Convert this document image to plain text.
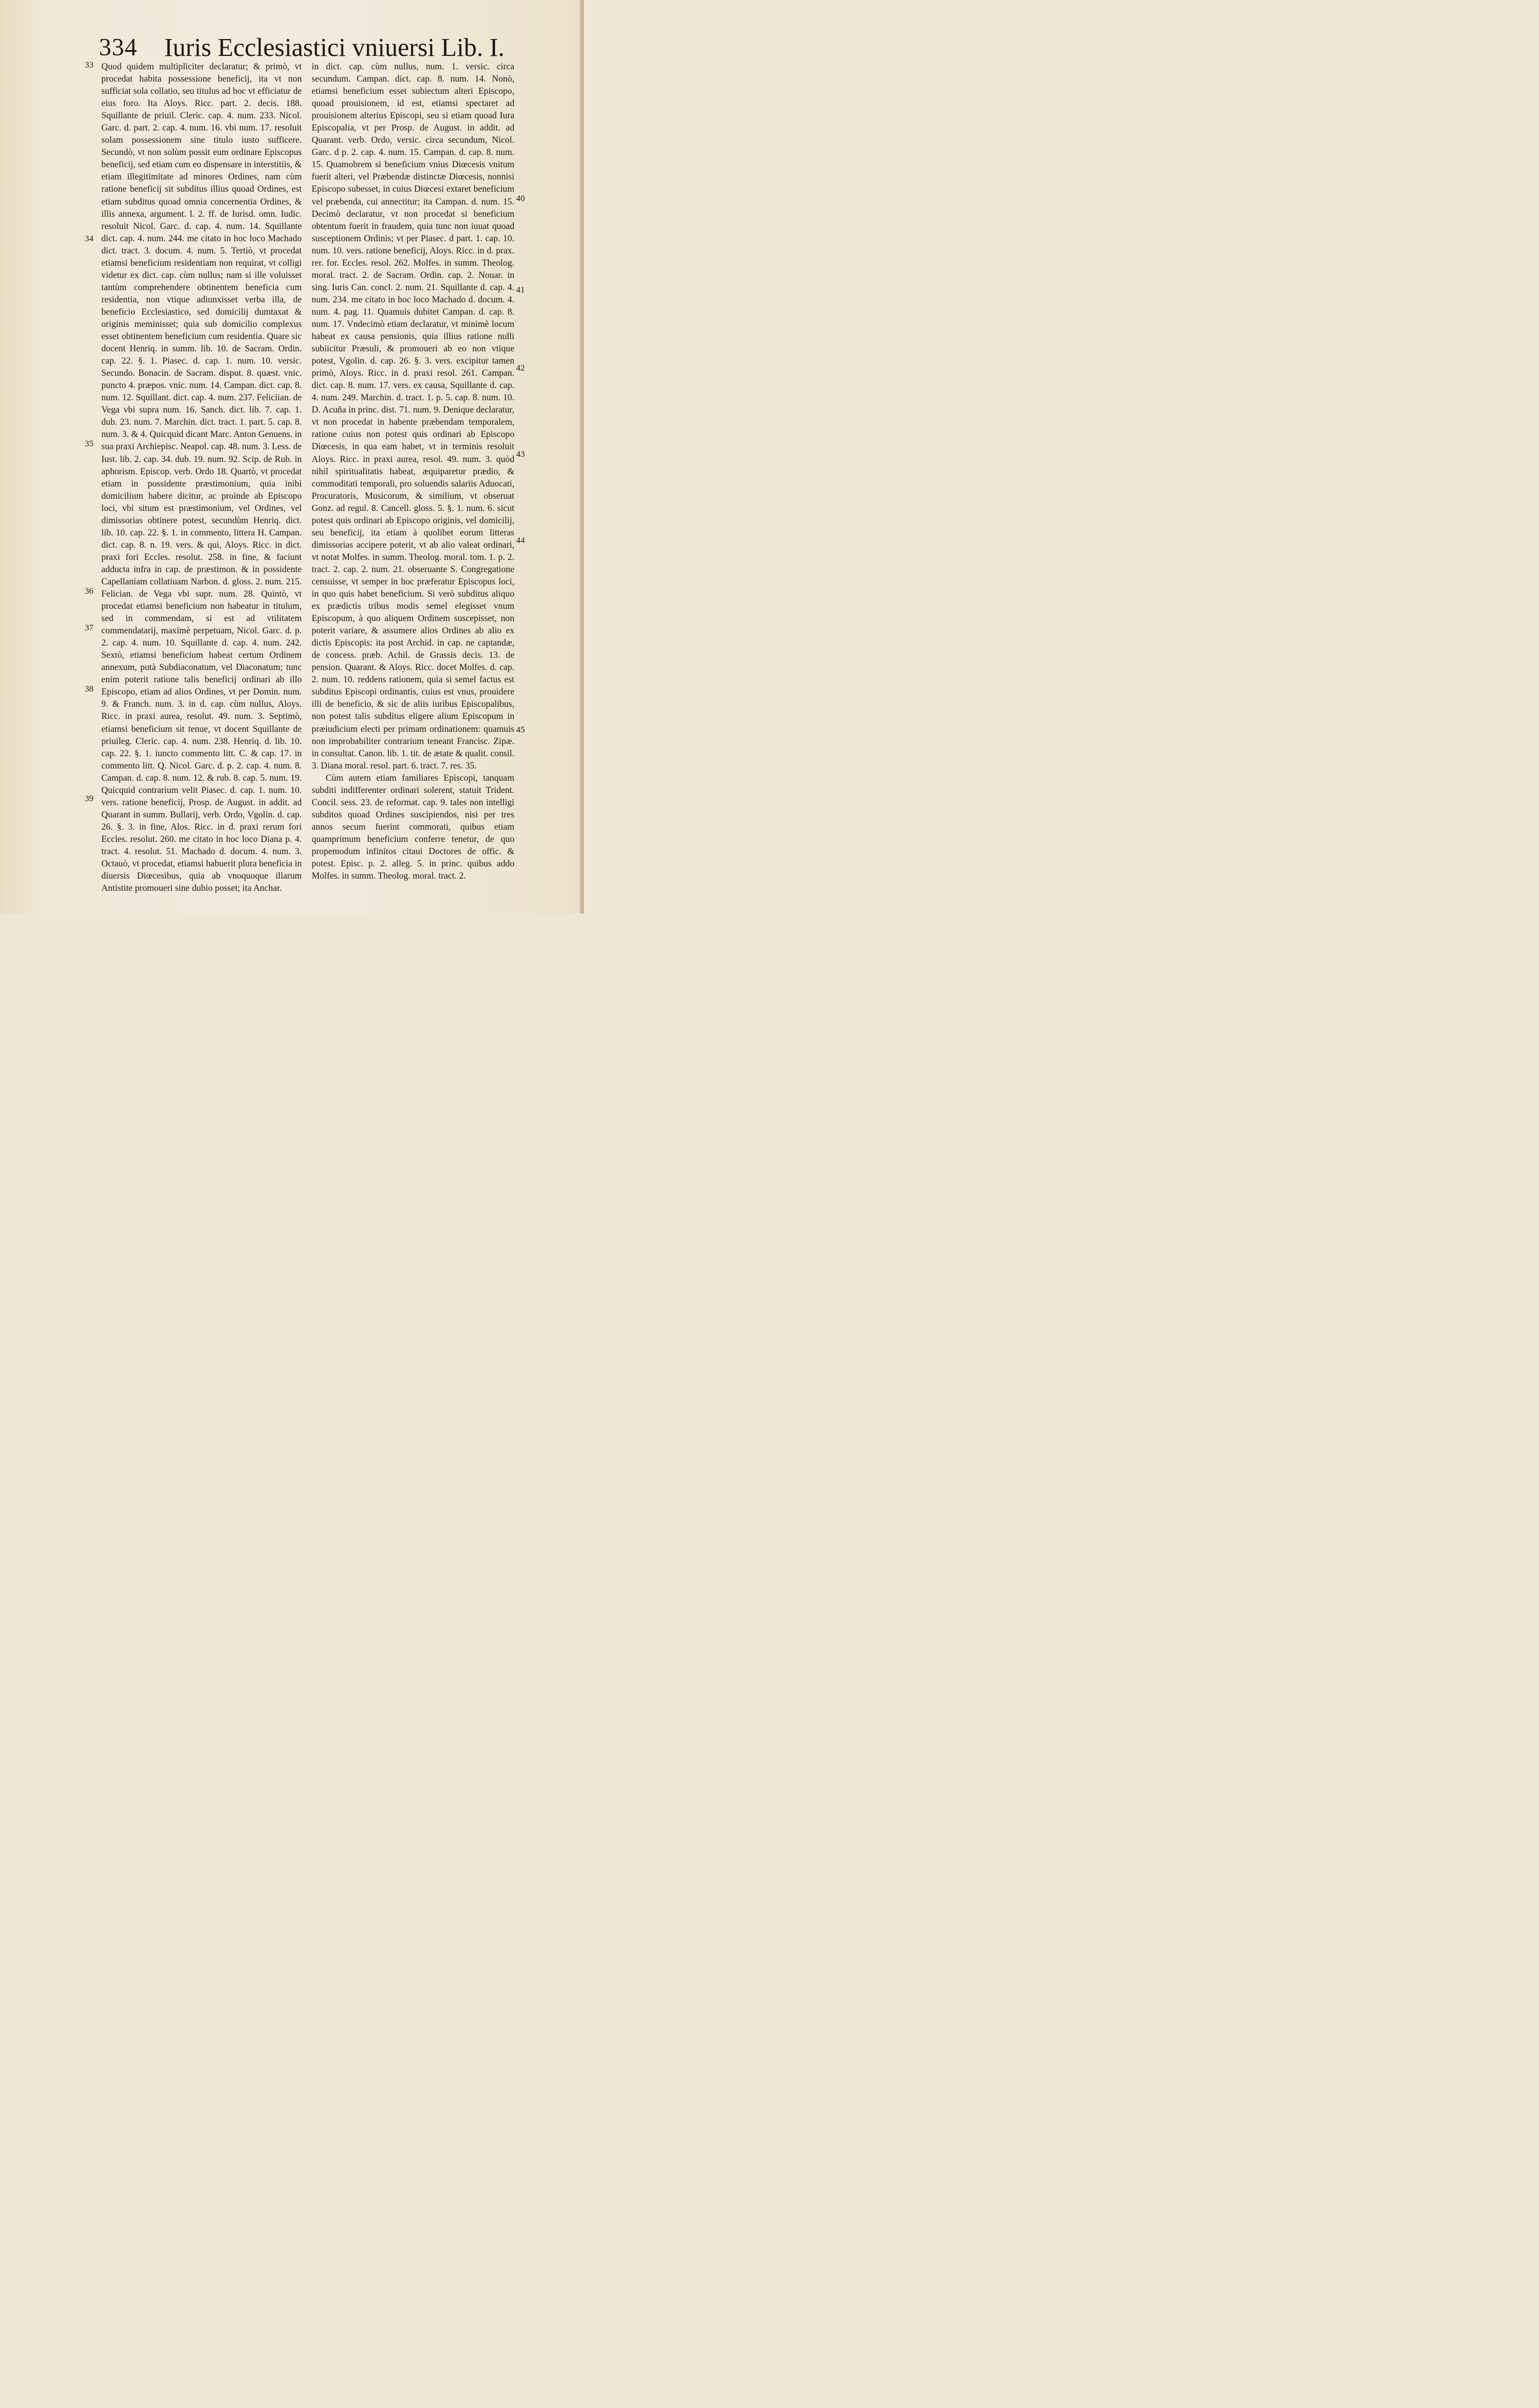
334 Iuris Ecclesiastici vniuersi Lib. I.
33
34
35
36
37
38
39
40
41
42
43
44
45

Quod quidem multipliciter declaratur; & primò, vt procedat habita possessione beneficij, ita vt non sufficiat sola collatio, seu titulus ad hoc vt efficiatur de eius foro. Ita Aloys. Ricc. part. 2. decis. 188. Squillante de priuil. Cleric. cap. 4. num. 233. Nicol. Garc. d. part. 2. cap. 4. num. 16. vbi num. 17. resoluit solam possessionem sine titulo iusto sufficere. Secundò, vt non solùm possit eum ordinare Episcopus beneficij, sed etiam cum eo dispensare in interstitiis, & etiam illegitimitate ad minores Ordines, nam cùm ratione beneficij sit subditus illius quoad Ordines, est etiam subditus quoad omnia concernentia Ordines, & illis annexa, argument. l. 2. ff. de Iurisd. omn. Iudic. resoluit Nicol. Garc. d. cap. 4. num. 14. Squillante dict. cap. 4. num. 244. me citato in hoc loco Machado dict. tract. 3. docum. 4. num. 5. Tertiò, vt procedat etiamsi beneficium residentiam non requirat, vt colligi videtur ex dict. cap. cùm nullus; nam si ille voluisset tantùm comprehendere obtinentem beneficia cum residentia, non vtique adiunxisset verba illa, de beneficio Ecclesiastico, sed domicilij dumtaxat & originis meminisset; quia sub domicilio complexus esset obtinentem beneficium cum residentia. Quare sic docent Henriq. in summ. lib. 10. de Sacram. Ordin. cap. 22. §. 1. Piasec. d. cap. 1. num. 10. versic. Secundo. Bonacin. de Sacram. disput. 8. quæst. vnic. puncto 4. præpos. vnic. num. 14. Campan. dict. cap. 8. num. 12. Squillant. dict. cap. 4. num. 237. Feliciian. de Vega vbi supra num. 16. Sanch. dict. lib. 7. cap. 1. dub. 23. num. 7. Marchin. dict. tract. 1. part. 5. cap. 8. num. 3. & 4. Quicquid dicant Marc. Anton Genuens. in sua praxi Archiepisc. Neapol. cap. 48. num. 3. Less. de Iust. lib. 2. cap. 34. dub. 19. num. 92. Scip. de Rub. in aphorism. Episcop. verb. Ordo 18. Quartò, vt procedat etiam in possidente præstimonium, quia inibi domicilium habere dicitur, ac proinde ab Episcopo loci, vbi situm est præstimonium, vel Ordines, vel dimissorias obtinere potest, secundùm Henriq. dict. lib. 10. cap. 22. §. 1. in commento, littera H. Campan. dict. cap. 8. n. 19. vers. & qui, Aloys. Ricc. in dict. praxi fori Eccles. resolut. 258. in fine, & faciunt adducta infra in cap. de præstimon. & in possidente Capellaniam collatiuam Narbon. d. gloss. 2. num. 215. Felician. de Vega vbi supr. num. 28. Quintò, vt procedat etiamsi beneficium non habeatur in titulum, sed in commendam, si est ad vtilitatem commendatarij, maximè perpetuam, Nicol. Garc. d. p. 2. cap. 4. num. 10. Squillante d. cap. 4. num. 242. Sextò, etiamsi beneficium habeat certum Ordinem annexum, putà Subdiaconatum, vel Diaconatum; tunc enim poterit ratione talis beneficij ordinari ab illo Episcopo, etiam ad alios Ordines, vt per Domin. num. 9. & Franch. num. 3. in d. cap. cùm nullus, Aloys. Ricc. in praxi aurea, resolut. 49. num. 3. Septimò, etiamsi beneficium sit tenue, vt docent Squillante de priuileg. Cleric. cap. 4. num. 238. Henriq. d. lib. 10. cap. 22. §. 1. iuncto commento litt. C. & cap. 17. in commento litt. Q. Nicol. Garc. d. p. 2. cap. 4. num. 8. Campan. d. cap. 8. num. 12. & rub. 8. cap. 5. num. 19. Quicquid contrarium velit Piasec. d. cap. 1. num. 10. vers. ratione beneficij, Prosp. de August. in addit. ad Quarant in summ. Bullarij, verb. Ordo, Vgolin. d. cap. 26. §. 3. in fine, Alos. Ricc. in d. praxi rerum fori Eccles. resolut. 260. me citato in hoc loco Diana p. 4. tract. 4. resolut. 51. Machado d. docum. 4. num. 3. Octauò, vt procedat, etiamsi habuerit plura beneficia in diuersis Diœcesibus, quia ab vnoquoque illarum Antistite promoueri sine dubio posset; ita Anchar.

in dict. cap. cùm nullus, num. 1. versic. circa secundum. Campan. dict. cap. 8. num. 14. Nonò, etiamsi beneficium esset subiectum alteri Episcopo, quoad prouisionem, id est, etiamsi spectaret ad prouisionem alterius Episcopi, seu si etiam quoad Iura Episcopalia, vt per Prosp. de August. in addit. ad Quarant. verb. Ordo, versic. circa secundum, Nicol. Garc. d p. 2. cap. 4. num. 15. Campan. d. cap. 8. num. 15. Quamobrem si beneficium vnius Diœcesis vnitum fuerit alteri, vel Præbendæ distinctæ Diœcesis, nonnisi Episcopo subesset, in cuius Diœcesi extaret beneficium vel præbenda, cui annectitur; ita Campan. d. num. 15. Decimò declaratur, vt non procedat si beneficium obtentum fuerit in fraudem, quia tunc non iuuat quoad susceptionem Ordinis; vt per Piasec. d part. 1. cap. 10. num. 10. vers. ratione beneficij, Aloys. Ricc. in d. prax. rer. for. Eccles. resol. 262. Molfes. in summ. Theolog. moral. tract. 2. de Sacram. Ordin. cap. 2. Nouar. in sing. Iuris Can. concl. 2. num. 21. Squillante d. cap. 4. num. 234. me citato in hoc loco Machado d. docum. 4. num. 4. pag. 11. Quamuis dubitet Campan. d. cap. 8. num. 17. Vndecimò etiam declaratur, vt minimè locum habeat ex causa pensionis, quia illius ratione nulli subiicitur Præsuli, & promoueri ab eo non vtique potest, Vgolin. d. cap. 26. §. 3. vers. excipitur tamen primò, Aloys. Ricc. in d. praxi resol. 261. Campan. dict. cap. 8. num. 17. vers. ex causa, Squillante d. cap. 4. num. 249. Marchin. d. tract. 1. p. 5. cap. 8. num. 10. D. Acuña in princ. dist. 71. num. 9. Denique declaratur, vt non procedat in habente præbendam temporalem, ratione cuius non potest quis ordinari ab Episcopo Diœcesis, in qua eam habet, vt in terminis resoluit Aloys. Ricc. in praxi aurea, resol. 49. num. 3. quòd nihil spiritualitatis habeat, æquiparetur prædio, & commoditati temporali, pro soluendis salariis Aduocati, Procuratoris, Musicorum, & similium, vt obseruat Gonz. ad regul. 8. Cancell. gloss. 5. §. 1. num. 6. sicut potest quis ordinari ab Episcopo originis, vel domicilij, seu beneficij, ita etiam à quolibet eorum litteras dimissorias accipere poterit, vt ab alio valeat ordinari, vt notat Molfes. in summ. Theolog. moral. tom. 1. p. 2. tract. 2. cap. 2. num. 21. obseruante S. Congregatione censuisse, vt semper in hoc præferatur Episcopus loci, in quo quis habet beneficium. Si verò subditus aliquo ex prædictis tribus modis semel elegisset vnum Episcopum, à quo aliquem Ordinem suscepisset, non poterit variare, & assumere alios Ordines ab alio ex dictis Episcopis: ita post Archid. in cap. ne captandæ, de concess. præb. Achil. de Grassis decis. 13. de pension. Quarant. & Aloys. Ricc. docet Molfes. d. cap. 2. num. 10. reddens rationem, quia si semel factus est subditus Episcopi ordinantis, cuius est vnus, prouidere illi de beneficio, & sic de aliis iuribus Episcopalibus, non potest talis subditus eligere alium Episcopum in præiudicium electi per primam ordinationem: quamuis non improbabiliter contrarium teneant Francisc. Zipæ. in consultat. Canon. lib. 1. tit. de ætate & qualit. consil. 3. Diana moral. resol. part. 6. tract. 7. res. 35.

Cùm autem etiam familiares Episcopi, tanquam subditi indifferenter ordinari solerent, statuit Trident. Concil. sess. 23. de reformat. cap. 9. tales non intelligi subditos quoad Ordines suscipiendos, nisi per tres annos secum fuerint commorati, quibus etiam quamprimum beneficium conferre tenetur, de quo propemodum infinitos citaui Doctores de offic. & potest. Episc. p. 2. alleg. 5. in princ. quibus addo Molfes. in summ. Theolog. moral. tract. 2.
